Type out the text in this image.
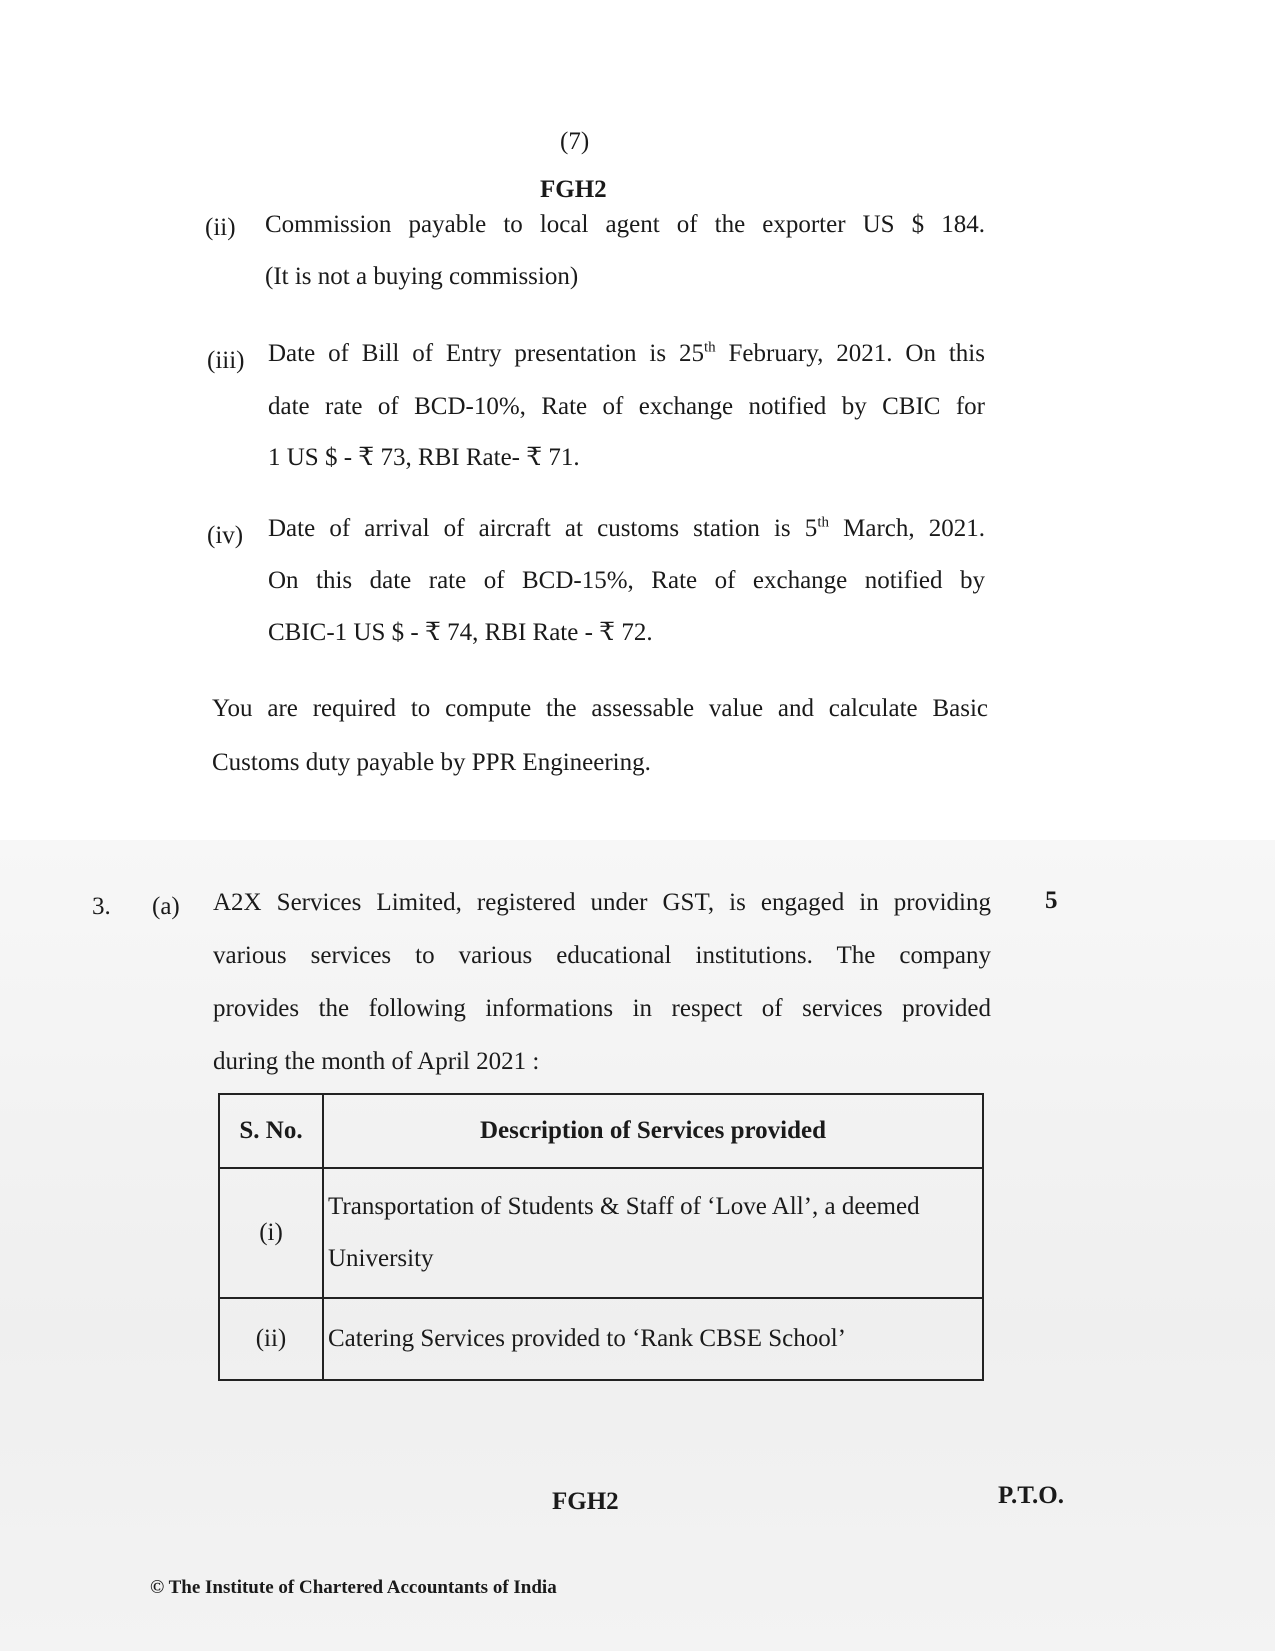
(7)
FGH2
(ii) Commission payable to local agent of the exporter US $ 184.
(It is not a buying commission)
(iii) Date of Bill of Entry presentation is 25th February, 2021. On this
date rate of BCD-10%, Rate of exchange notified by CBIC for
1 US $ - ₹ 73, RBI Rate- ₹ 71.
(iv) Date of arrival of aircraft at customs station is 5th March, 2021.
On this date rate of BCD-15%, Rate of exchange notified by
CBIC-1 US $ - ₹ 74, RBI Rate - ₹ 72.
You are required to compute the assessable value and calculate Basic
Customs duty payable by PPR Engineering.
3. (a)	5
A2X Services Limited, registered under GST, is engaged in providing
various services to various educational institutions. The company
provides the following informations in respect of services provided
during the month of April 2021 :
S. No.	Description of Services provided
(i)	Transportation of Students & Staff of ‘Love All’, a deemed
University

(ii)	Catering Services provided to ‘Rank CBSE School’
FGH2	P.T.O.
© The Institute of Chartered Accountants of India
